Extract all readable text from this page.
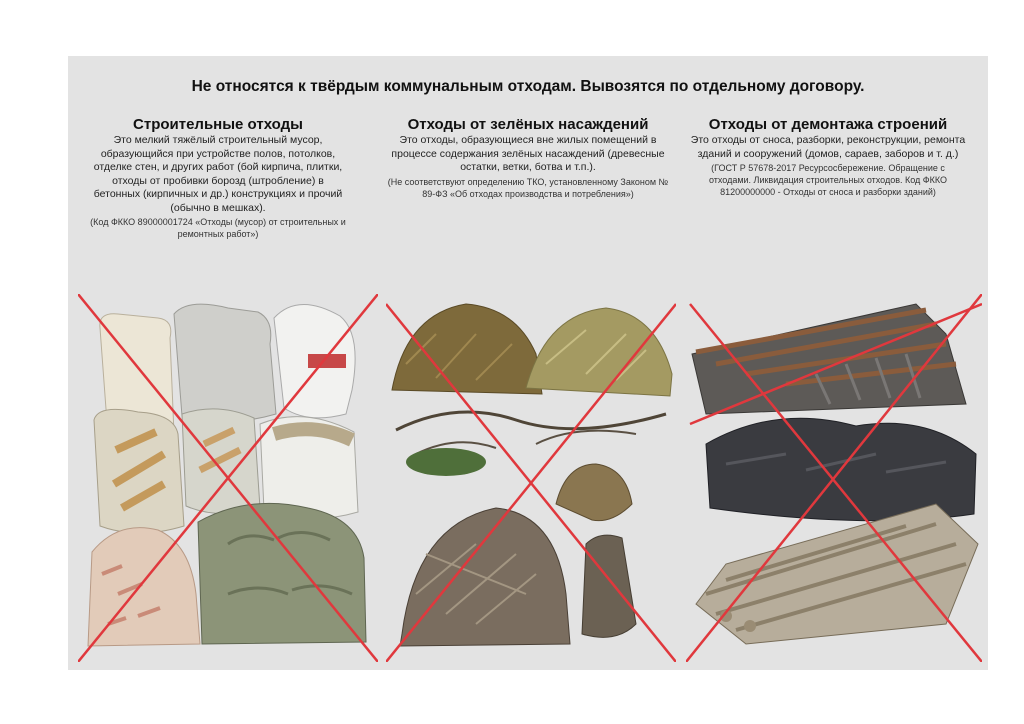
Не относятся к твёрдым коммунальным отходам. Вывозятся по отдельному договору.
Строительные отходы
Это мелкий тяжёлый строительный мусор, образующийся при устройстве полов, потолков, отделке стен, и других работ (бой кирпича, плитки, отходы от пробивки борозд (штробление) в бетонных (кирпичных и др.) конструкциях и прочий (обычно в мешках).
(Код ФККО 89000001724 «Отходы (мусор) от строительных и ремонтных работ»)
Отходы от зелёных насаждений
Это отходы, образующиеся вне жилых помещений в процессе содержания зелёных насаждений (древесные остатки, ветки, ботва и т.п.).
(Не соответствуют определению ТКО, установленному Законом № 89-ФЗ «Об отходах производства и потребления»)
Отходы от демонтажа строений
Это отходы от сноса, разборки, реконструкции, ремонта зданий и сооружений (домов, сараев, заборов и т. д.)
(ГОСТ Р 57678-2017 Ресурсосбережение. Обращение с отходами. Ликвидация строительных отходов. Код ФККО 81200000000 - Отходы от сноса и разборки зданий)
